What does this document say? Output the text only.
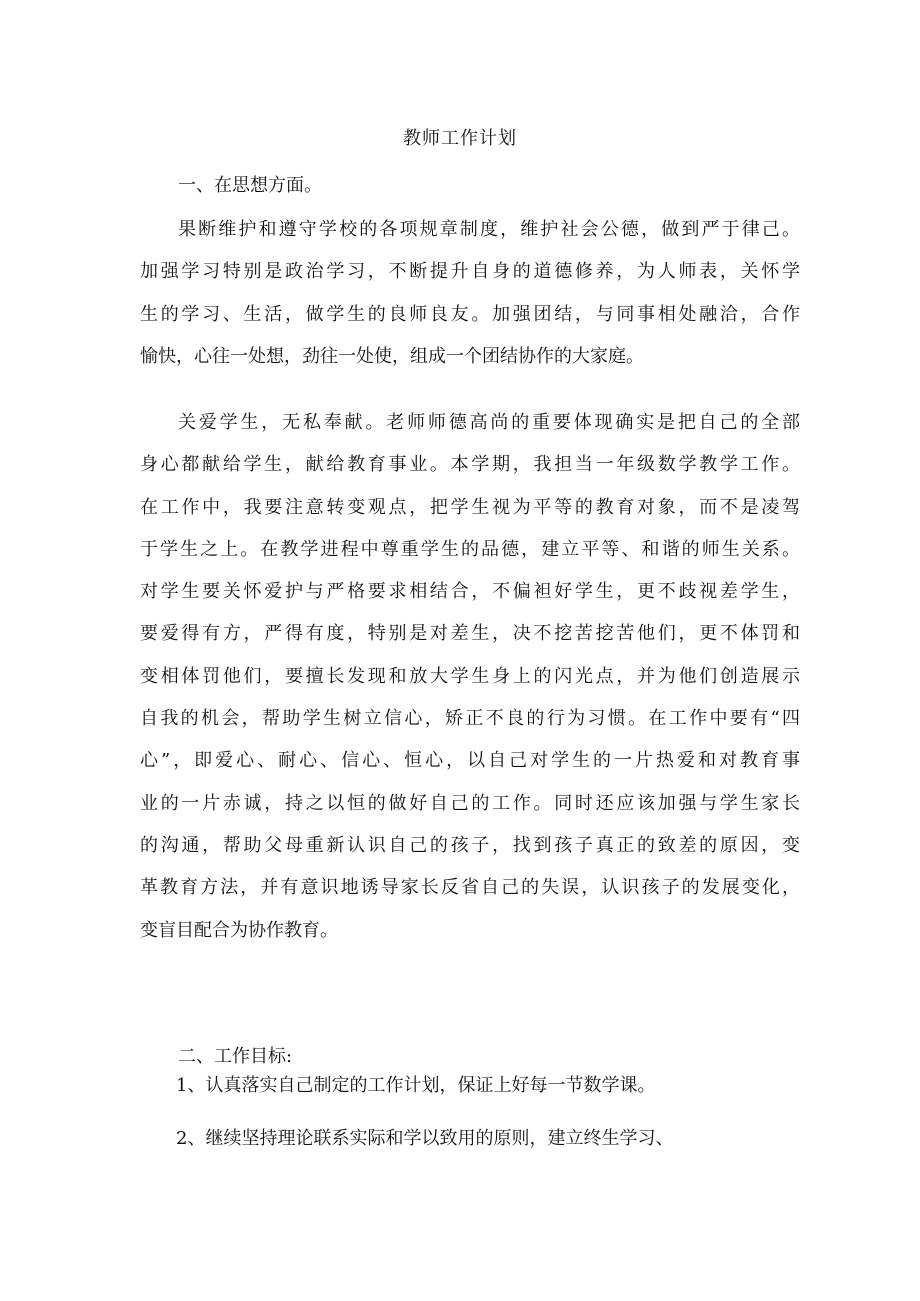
教师工作计划
一、在思想方面。
果断维护和遵守学校的各项规章制度，维护社会公德，做到严于律己。
加强学习特别是政治学习，不断提升自身的道德修养，为人师表，关怀学
生的学习、生活，做学生的良师良友。加强团结，与同事相处融洽，合作
愉快，心往一处想，劲往一处使，组成一个团结协作的大家庭。
关爱学生，无私奉献。老师师德高尚的重要体现确实是把自己的全部
身心都献给学生，献给教育事业。本学期，我担当一年级数学教学工作。
在工作中，我要注意转变观点，把学生视为平等的教育对象，而不是凌驾
于学生之上。在教学进程中尊重学生的品德，建立平等、和谐的师生关系。
对学生要关怀爱护与严格要求相结合，不偏袒好学生，更不歧视差学生，
要爱得有方，严得有度，特别是对差生，决不挖苦挖苦他们，更不体罚和
变相体罚他们，要擅长发现和放大学生身上的闪光点，并为他们创造展示
自我的机会，帮助学生树立信心，矫正不良的行为习惯。在工作中要有“四
心”，即爱心、耐心、信心、恒心，以自己对学生的一片热爱和对教育事
业的一片赤诚，持之以恒的做好自己的工作。同时还应该加强与学生家长
的沟通，帮助父母重新认识自己的孩子，找到孩子真正的致差的原因，变
革教育方法，并有意识地诱导家长反省自己的失误，认识孩子的发展变化，
变盲目配合为协作教育。
二、工作目标:
1、认真落实自己制定的工作计划，保证上好每一节数学课。
2、继续坚持理论联系实际和学以致用的原则，建立终生学习、
